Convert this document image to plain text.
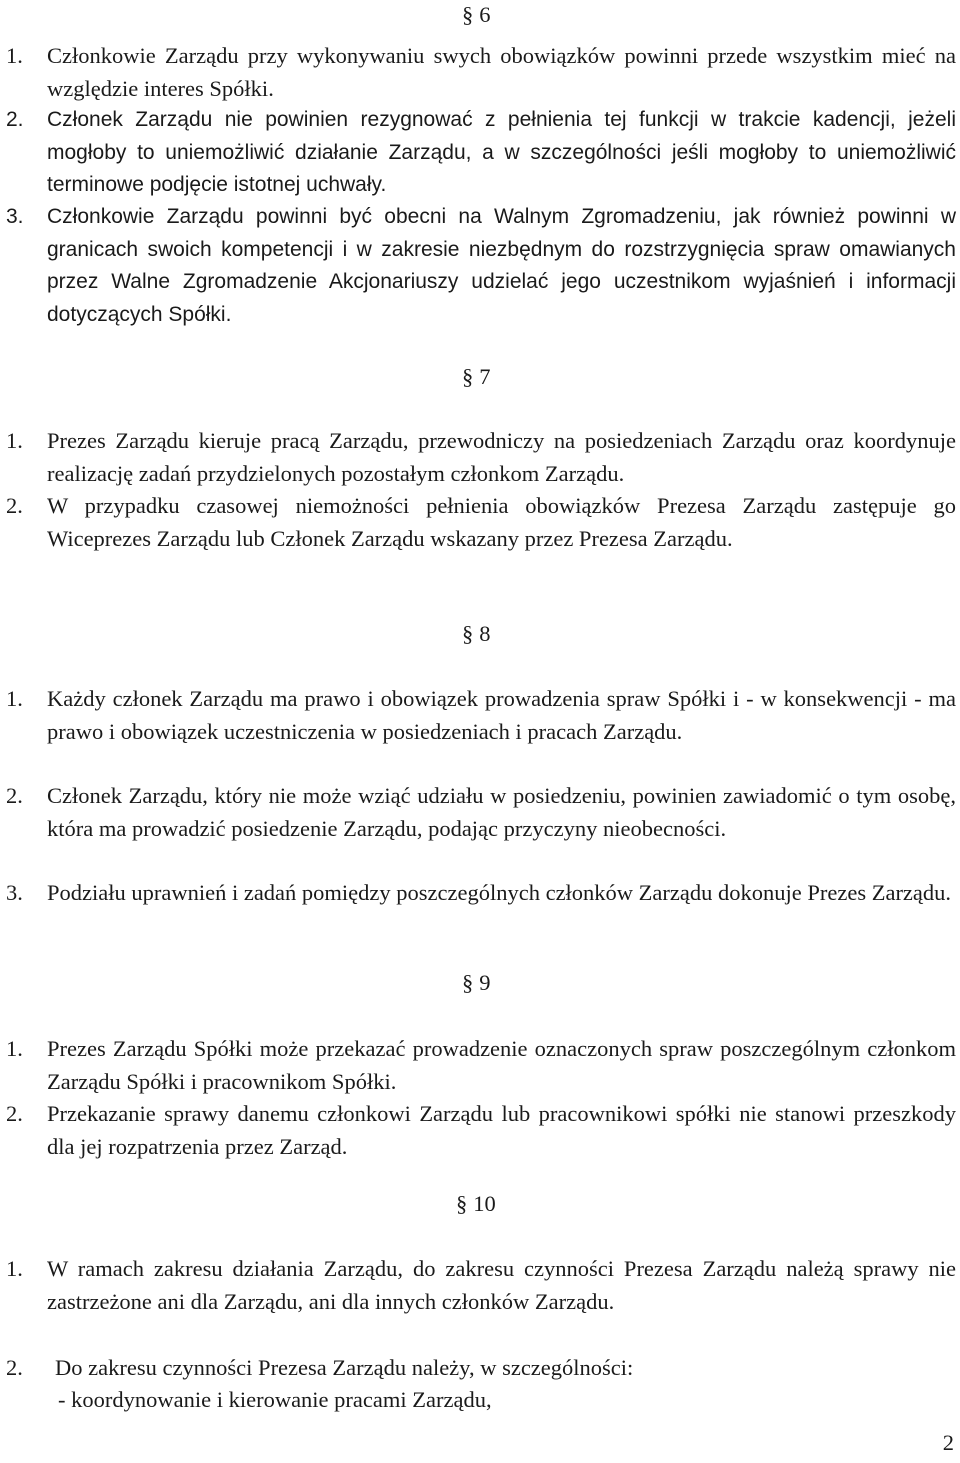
§ 6
1. Członkowie Zarządu przy wykonywaniu swych obowiązków powinni przede wszystkim mieć na względzie interes Spółki.
2. Członek Zarządu nie powinien rezygnować z pełnienia tej funkcji w trakcie kadencji, jeżeli mogłoby to uniemożliwić działanie Zarządu, a w szczególności jeśli mogłoby to uniemożliwić terminowe podjęcie istotnej uchwały.
3. Członkowie Zarządu powinni być obecni na Walnym Zgromadzeniu, jak również powinni w granicach swoich kompetencji i w zakresie niezbędnym do rozstrzygnięcia spraw omawianych przez Walne Zgromadzenie Akcjonariuszy udzielać jego uczestnikom wyjaśnień i informacji dotyczących Spółki.
§ 7
1. Prezes Zarządu kieruje pracą Zarządu, przewodniczy na posiedzeniach Zarządu oraz koordynuje realizację zadań przydzielonych pozostałym członkom Zarządu.
2. W przypadku czasowej niemożności pełnienia obowiązków Prezesa Zarządu zastępuje go Wiceprezes Zarządu lub Członek Zarządu wskazany przez Prezesa Zarządu.
§ 8
1. Każdy członek Zarządu ma prawo i obowiązek prowadzenia spraw Spółki i - w konsekwencji - ma prawo i obowiązek uczestniczenia w posiedzeniach i pracach Zarządu.
2. Członek Zarządu, który nie może wziąć udziału w posiedzeniu, powinien zawiadomić o tym osobę, która ma prowadzić posiedzenie Zarządu, podając przyczyny nieobecności.
3. Podziału uprawnień i zadań pomiędzy poszczególnych członków Zarządu dokonuje Prezes Zarządu.
§ 9
1. Prezes Zarządu Spółki może przekazać prowadzenie oznaczonych spraw poszczególnym członkom Zarządu Spółki i pracownikom Spółki.
2. Przekazanie sprawy danemu członkowi Zarządu lub pracownikowi spółki nie stanowi przeszkody dla jej rozpatrzenia przez Zarząd.
§ 10
1. W ramach zakresu działania Zarządu, do zakresu czynności Prezesa Zarządu należą sprawy nie zastrzeżone ani dla Zarządu, ani dla innych członków Zarządu.
2. Do zakresu czynności Prezesa Zarządu należy, w szczególności:
- koordynowanie i kierowanie pracami Zarządu,
2
